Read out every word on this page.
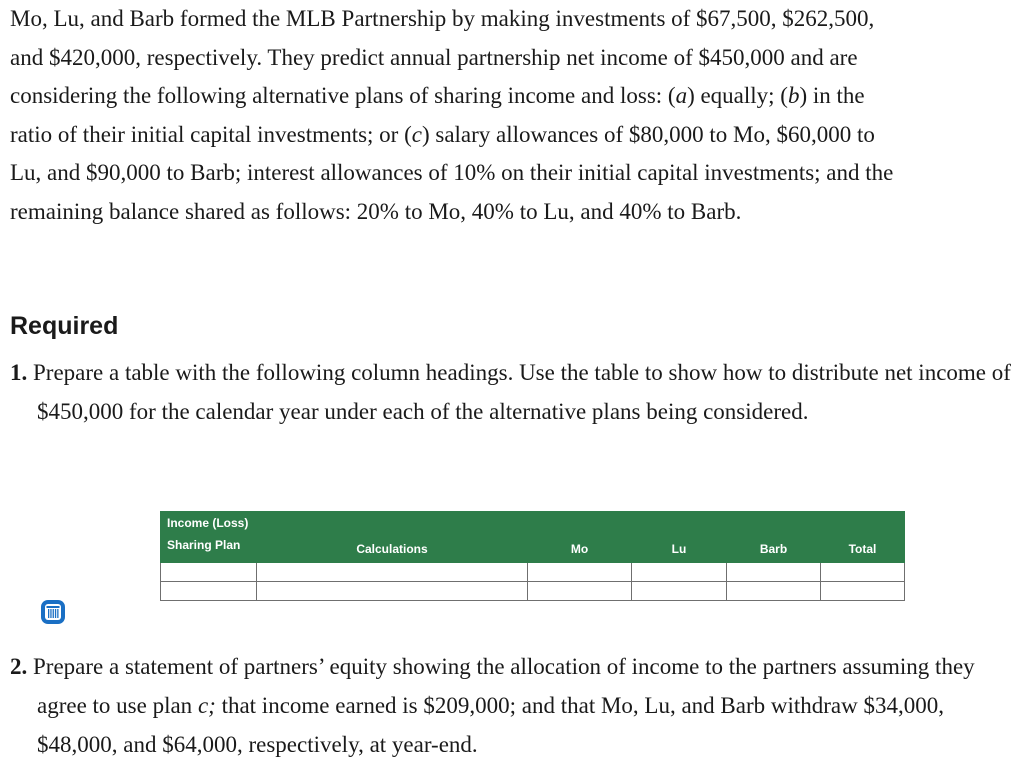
Mo, Lu, and Barb formed the MLB Partnership by making investments of $67,500, $262,500,
and $420,000, respectively. They predict annual partnership net income of $450,000 and are
considering the following alternative plans of sharing income and loss: (a) equally; (b) in the
ratio of their initial capital investments; or (c) salary allowances of $80,000 to Mo, $60,000 to
Lu, and $90,000 to Barb; interest allowances of 10% on their initial capital investments; and the
remaining balance shared as follows: 20% to Mo, 40% to Lu, and 40% to Barb.
Required

1. Prepare a table with the following column headings. Use the table to show how to distribute net income of $450,000 for the calendar year under each of the alternative plans being considered.

Income (Loss)
Sharing Plan	Calculations	Mo	Lu	Barb	Total

2. Prepare a statement of partners’ equity showing the allocation of income to the partners assuming they agree to use plan c; that income earned is $209,000; and that Mo, Lu, and Barb withdraw $34,000, $48,000, and $64,000, respectively, at year-end.
